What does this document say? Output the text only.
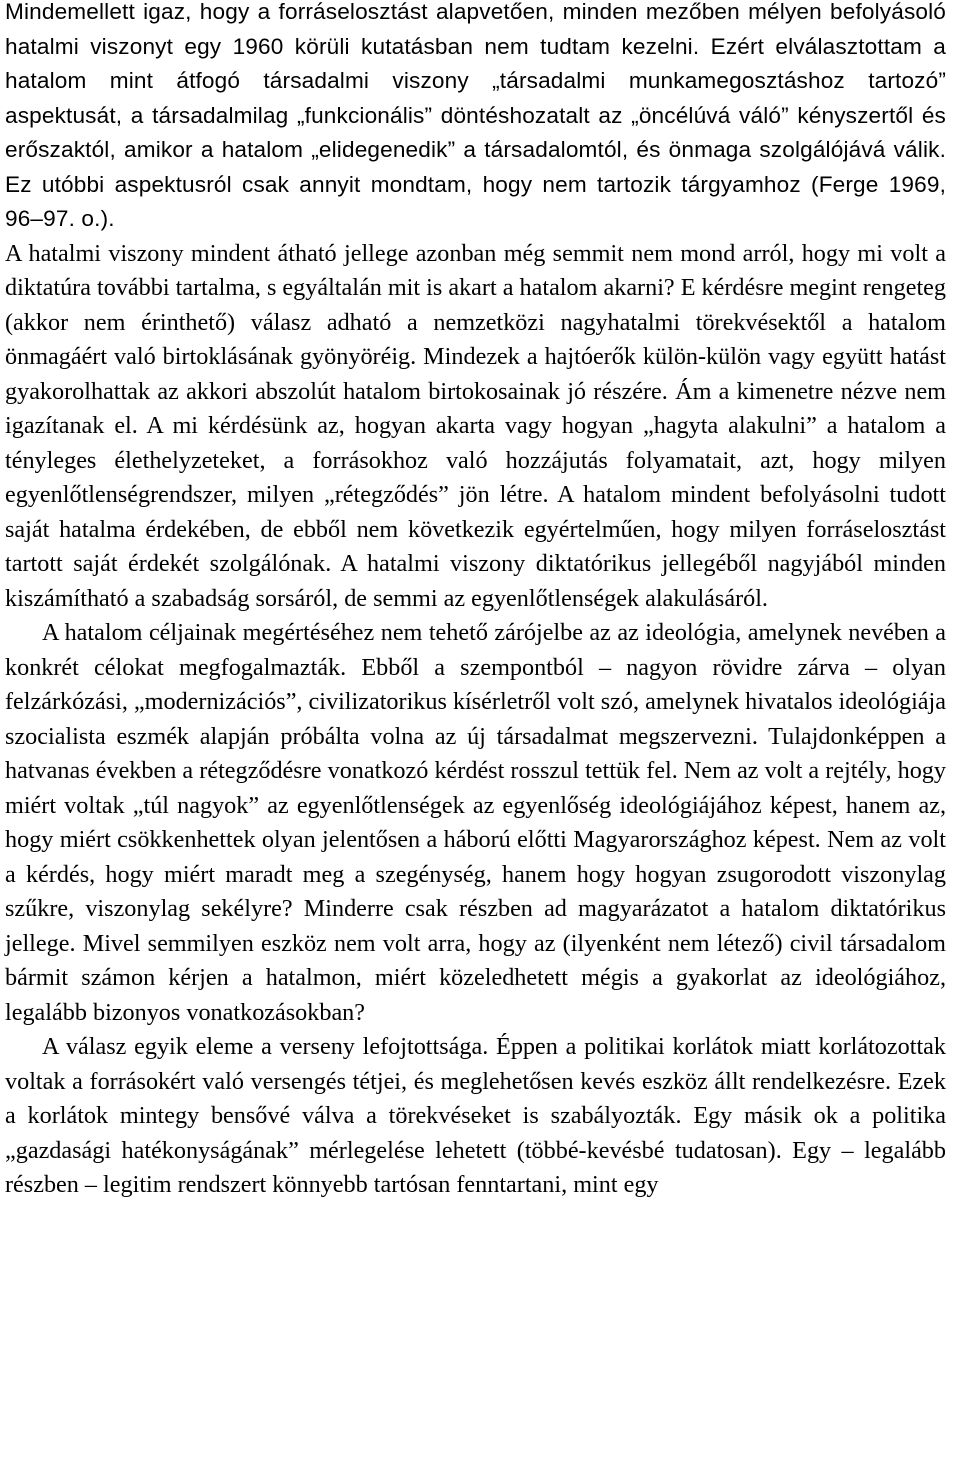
Mindemellett igaz, hogy a forráselosztást alapvetően, minden mezőben mélyen befolyásoló hatalmi viszonyt egy 1960 körüli kutatásban nem tudtam kezelni. Ezért elválasztottam a hatalom mint átfogó társadalmi viszony „társadalmi munkamegosztáshoz tartozó” aspektusát, a társadalmilag „funkcionális” döntéshozatalt az „öncélúvá váló” kényszertől és erőszaktól, amikor a hatalom „elidegenedik” a társadalomtól, és önmaga szolgálójává válik. Ez utóbbi aspektusról csak annyit mondtam, hogy nem tartozik tárgyamhoz (Ferge 1969, 96–97. o.).

A hatalmi viszony mindent átható jellege azonban még semmit nem mond arról, hogy mi volt a diktatúra további tartalma, s egyáltalán mit is akart a hatalom akarni? E kérdésre megint rengeteg (akkor nem érinthető) válasz adható a nemzetközi nagyhatalmi törekvésektől a hatalom önmagáért való birtoklásának gyönyöréig. Mindezek a hajtóerők külön-külön vagy együtt hatást gyakorolhattak az akkori abszolút hatalom birtokosainak jó részére. Ám a kimenetre nézve nem igazítanak el. A mi kérdésünk az, hogyan akarta vagy hogyan „hagyta alakulni” a hatalom a tényleges élethelyzeteket, a forrásokhoz való hozzájutás folyamatait, azt, hogy milyen egyenlőtlenségrendszer, milyen „rétegződés” jön létre. A hatalom mindent befolyásolni tudott saját hatalma érdekében, de ebből nem következik egyértelműen, hogy milyen forráselosztást tartott saját érdekét szolgálónak. A hatalmi viszony diktatórikus jellegéből nagyjából minden kiszámítható a szabadság sorsáról, de semmi az egyenlőtlenségek alakulásáról.

A hatalom céljainak megértéséhez nem tehető zárójelbe az az ideológia, amelynek nevében a konkrét célokat megfogalmazták. Ebből a szempontból – nagyon rövidre zárva – olyan felzárkózási, „modernizációs”, civilizatorikus kísérletről volt szó, amelynek hivatalos ideológiája szocialista eszmék alapján próbálta volna az új társadalmat megszervezni. Tulajdonképpen a hatvanas években a rétegződésre vonatkozó kérdést rosszul tettük fel. Nem az volt a rejtély, hogy miért voltak „túl nagyok” az egyenlőtlenségek az egyenlőség ideológiájához képest, hanem az, hogy miért csökkenhettek olyan jelentősen a háború előtti Magyarországhoz képest. Nem az volt a kérdés, hogy miért maradt meg a szegénység, hanem hogy hogyan zsugorodott viszonylag szűkre, viszonylag sekélyre? Minderre csak részben ad magyarázatot a hatalom diktatórikus jellege. Mivel semmilyen eszköz nem volt arra, hogy az (ilyenként nem létező) civil társadalom bármit számon kérjen a hatalmon, miért közeledhetett mégis a gyakorlat az ideológiához, legalább bizonyos vonatkozásokban?

A válasz egyik eleme a verseny lefojtottsága. Éppen a politikai korlátok miatt korlátozottak voltak a forrásokért való versengés tétjei, és meglehetősen kevés eszköz állt rendelkezésre. Ezek a korlátok mintegy bensővé válva a törekvéseket is szabályozták. Egy másik ok a politika „gazdasági hatékonyságának” mérlegelése lehetett (többé-kevésbé tudatosan). Egy – legalább részben – legitim rendszert könnyebb tartósan fenntartani, mint egy
